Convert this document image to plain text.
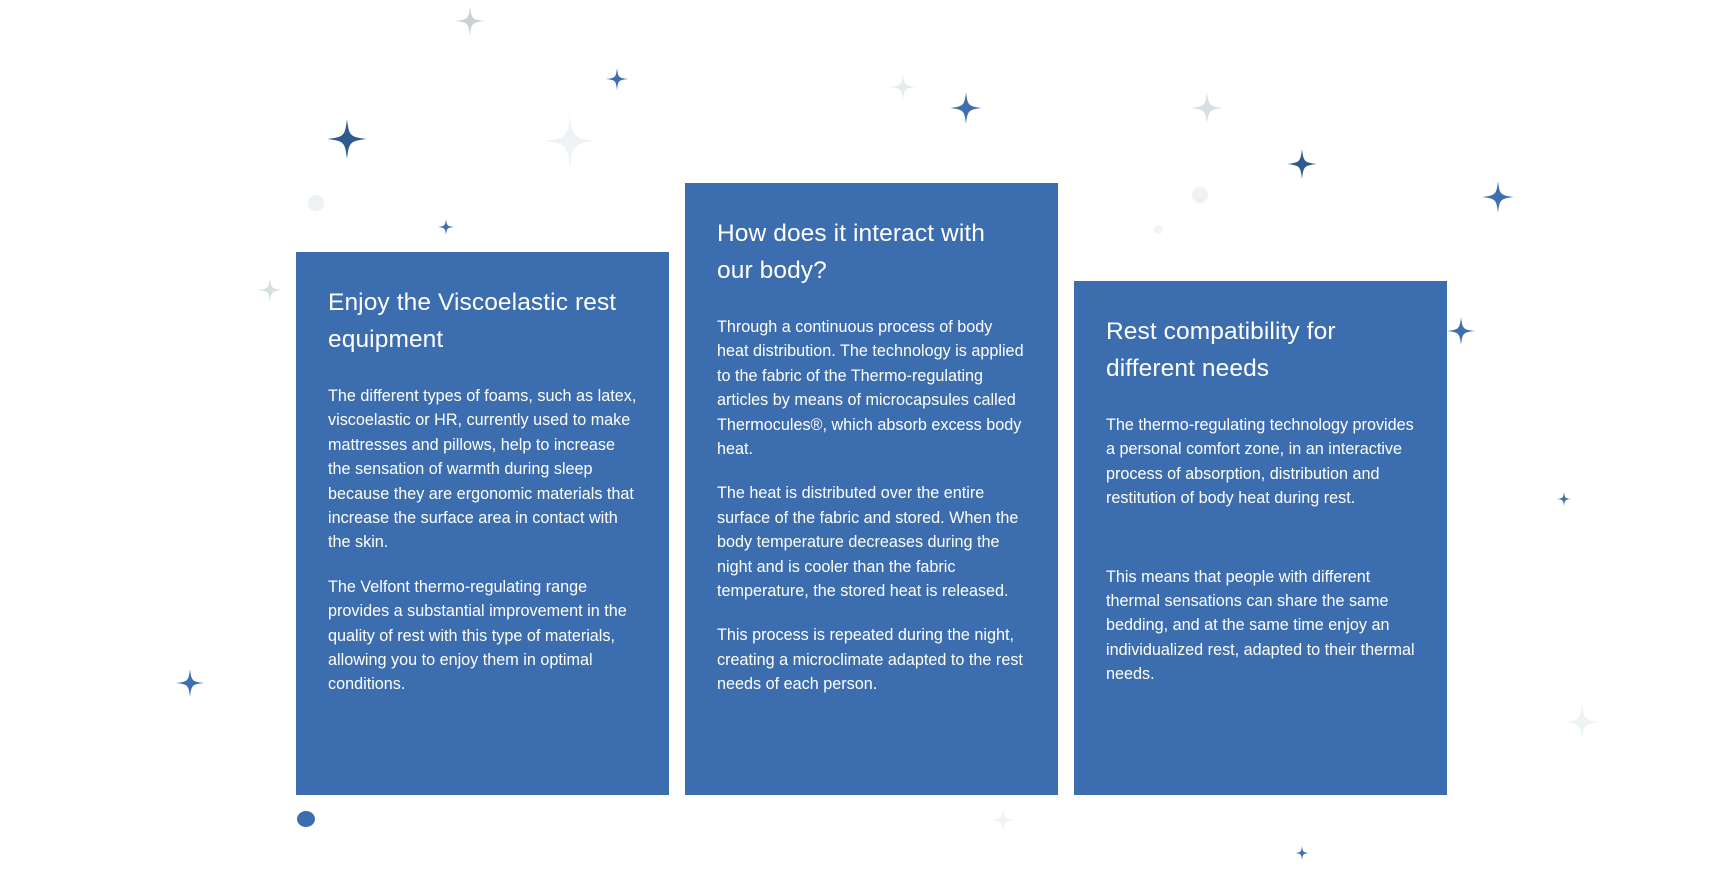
Enjoy the Viscoelastic rest equipment

The different types of foams, such as latex, viscoelastic or HR, currently used to make mattresses and pillows, help to increase the sensation of warmth during sleep because they are ergonomic materials that increase the surface area in contact with the skin.

The Velfont thermo-regulating range provides a substantial improvement in the quality of rest with this type of materials, allowing you to enjoy them in optimal conditions.

How does it interact with our body?

Through a continuous process of body heat distribution. The technology is applied to the fabric of the Thermo-regulating articles by means of microcapsules called Thermocules®, which absorb excess body heat.

The heat is distributed over the entire surface of the fabric and stored. When the body temperature decreases during the night and is cooler than the fabric temperature, the stored heat is released.

This process is repeated during the night, creating a microclimate adapted to the rest needs of each person.

Rest compatibility for different needs

The thermo-regulating technology provides a personal comfort zone, in an interactive process of absorption, distribution and restitution of body heat during rest.

This means that people with different thermal sensations can share the same bedding, and at the same time enjoy an individualized rest, adapted to their thermal needs.
